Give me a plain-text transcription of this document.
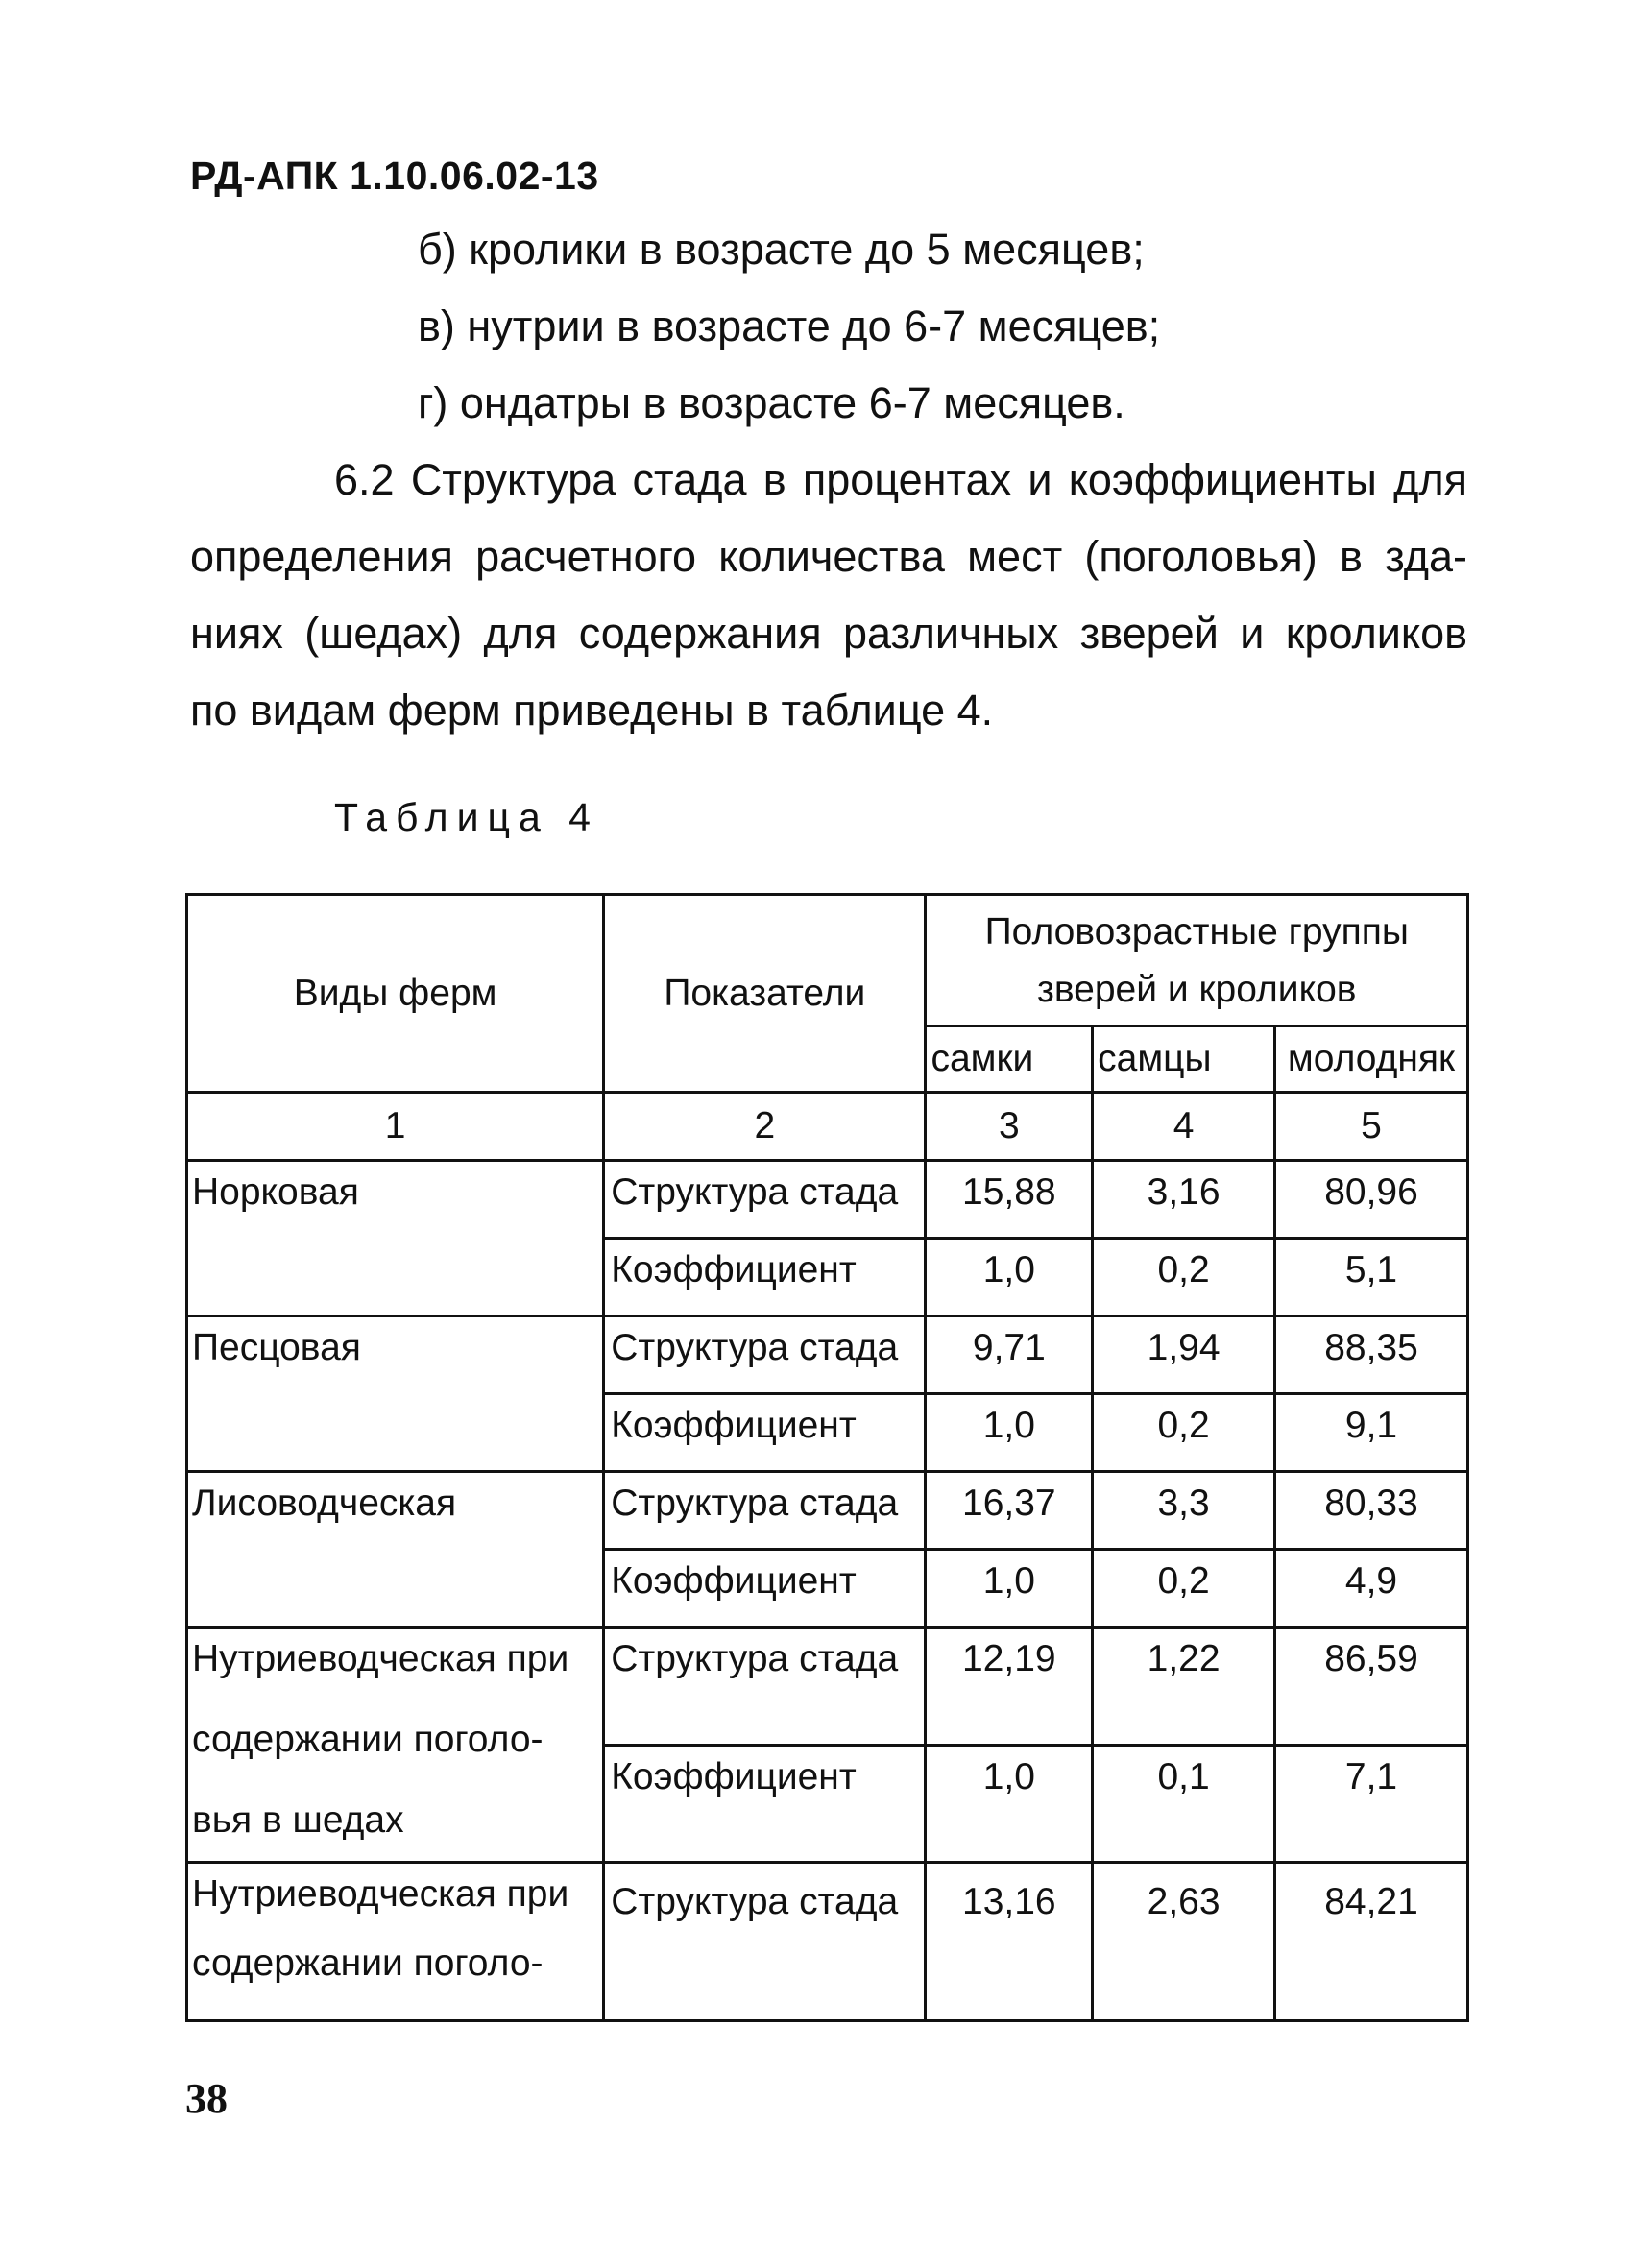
РД-АПК 1.10.06.02-13
б) кролики в возрасте до 5 месяцев;
в) нутрии в возрасте до 6-7 месяцев;
г) ондатры в возрасте 6-7 месяцев.
6.2 Структура стада в процентах и коэффициенты для
определения расчетного количества мест (поголовья) в зда-
ниях (шедах) для содержания различных зверей и кроликов
по видам ферм приведены в таблице 4.
Таблица 4
Виды ферм	Показатели	Половозрастные группы
зверей и кроликов		

		самки	самцы	молодняк
1	2	3	4	5
Норковая	Структура стада	15,88	3,16	80,96
	Коэффициент	1,0	0,2	5,1
Песцовая	Структура стада	9,71	1,94	88,35
	Коэффициент	1,0	0,2	9,1
Лисоводческая	Структура стада	16,37	3,3	80,33
	Коэффициент	1,0	0,2	4,9

Нутриеводческая при
содержании поголо-
вья в шедах	Структура стада	12,19	1,22	86,59
	Коэффициент	1,0	0,1	7,1

Нутриеводческая при
содержании поголо-	Структура стада	13,16	2,63	84,21
38
